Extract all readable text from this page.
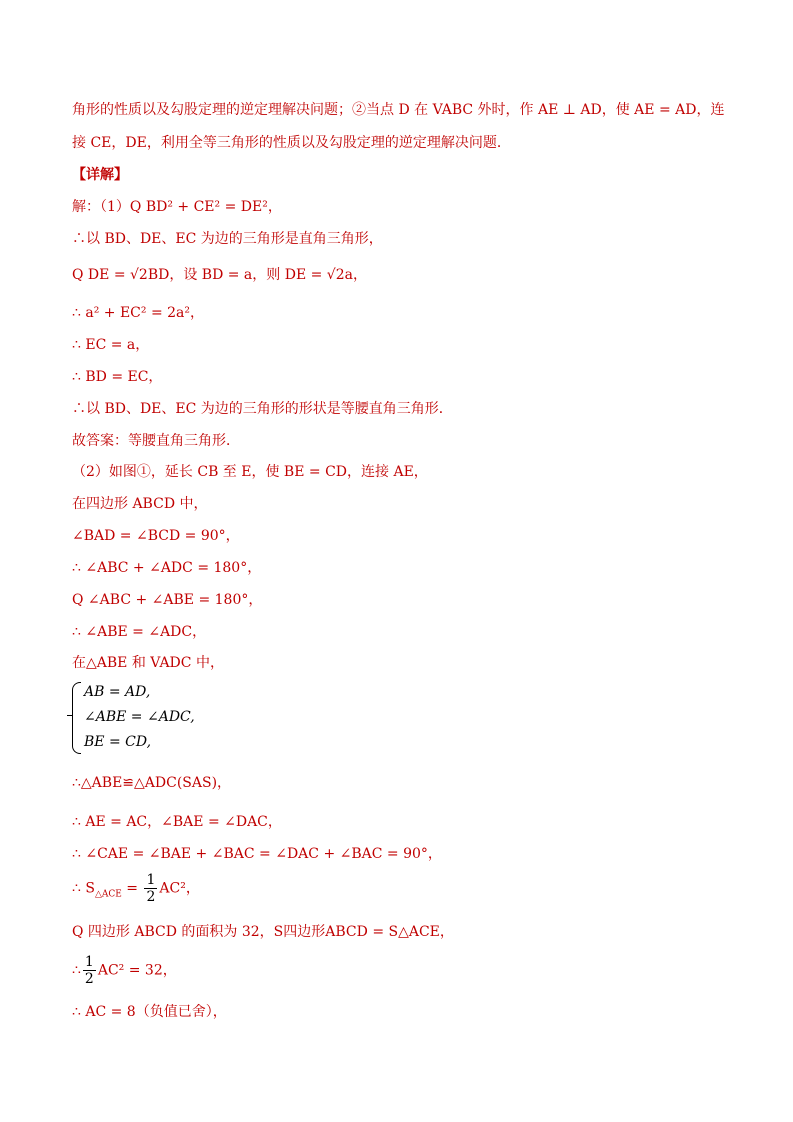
角形的性质以及勾股定理的逆定理解决问题；②当点 D 在 VABC 外时，作 AE ⊥ AD，使 AE = AD，连
接 CE，DE，利用全等三角形的性质以及勾股定理的逆定理解决问题．
【详解】
解：（1）Q BD² + CE² = DE²，
∴以 BD、DE、EC 为边的三角形是直角三角形，
Q DE = √2BD，设 BD = a，则 DE = √2a，
∴ a² + EC² = 2a²，
∴ EC = a，
∴ BD = EC，
∴以 BD、DE、EC 为边的三角形的形状是等腰直角三角形．
故答案：等腰直角三角形．
（2）如图①，延长 CB 至 E，使 BE = CD，连接 AE，
在四边形 ABCD 中，
∠BAD = ∠BCD = 90°，
∴ ∠ABC + ∠ADC = 180°，
Q ∠ABC + ∠ABE = 180°，
∴ ∠ABE = ∠ADC，
在△ABE 和 VADC 中，
AB = AD,
∠ABE = ∠ADC,
BE = CD,
∴△ABE≌△ADC(SAS)，
∴ AE = AC，∠BAE = ∠DAC，
∴ ∠CAE = ∠BAE + ∠BAC = ∠DAC + ∠BAC = 90°，
∴ $S_{\triangle ACE} = \frac{1}{2} AC^2$，
Q 四边形 ABCD 的面积为 32，S四边形ABCD = S△ACE，
∴ $\frac{1}{2} AC^2 = 32$，
∴ AC = 8（负值已舍），
